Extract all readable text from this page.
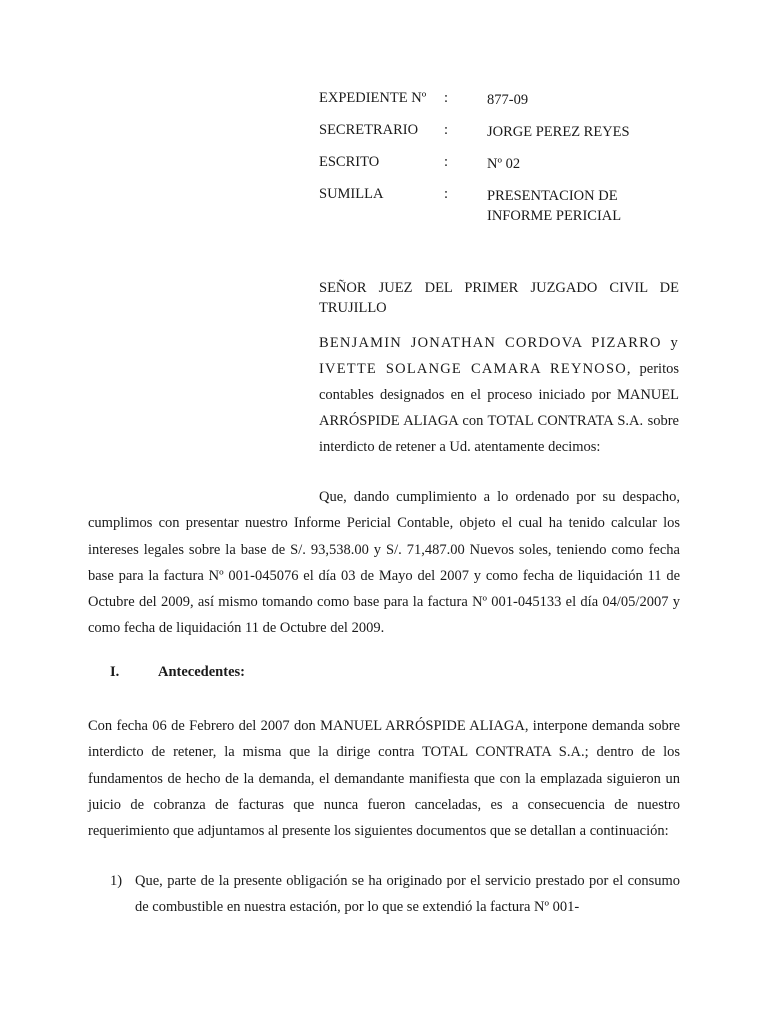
EXPEDIENTE Nº :	877-09
SECRETRARIO :	JORGE PEREZ REYES
ESCRITO	:	Nº 02
SUMILLA	:	PRESENTACION DE INFORME PERICIAL
SEÑOR JUEZ DEL PRIMER JUZGADO CIVIL DE TRUJILLO
BENJAMIN JONATHAN CORDOVA PIZARRO y IVETTE SOLANGE CAMARA REYNOSO, peritos contables designados en el proceso iniciado por MANUEL ARRÓSPIDE ALIAGA con TOTAL CONTRATA S.A. sobre interdicto de retener a Ud. atentamente decimos:
Que, dando cumplimiento a lo ordenado por su despacho, cumplimos con presentar nuestro Informe Pericial Contable, objeto el cual ha tenido calcular los intereses legales sobre la base de S/. 93,538.00 y S/. 71,487.00 Nuevos soles, teniendo como fecha base para la factura Nº 001-045076 el día 03 de Mayo del 2007 y como fecha de liquidación 11 de Octubre del 2009, así mismo tomando como base para la factura Nº 001-045133 el día 04/05/2007 y como fecha de liquidación 11 de Octubre del 2009.
I.	Antecedentes:
Con fecha 06 de Febrero del 2007 don MANUEL ARRÓSPIDE ALIAGA, interpone demanda sobre interdicto de retener, la misma que la dirige contra TOTAL CONTRATA S.A.; dentro de los fundamentos de hecho de la demanda, el demandante manifiesta que con la emplazada siguieron un juicio de cobranza de facturas que nunca fueron canceladas, es a consecuencia de nuestro requerimiento que adjuntamos al presente los siguientes documentos que se detallan a continuación:
1) Que, parte de la presente obligación se ha originado por el servicio prestado por el consumo de combustible en nuestra estación, por lo que se extendió la factura Nº 001-
